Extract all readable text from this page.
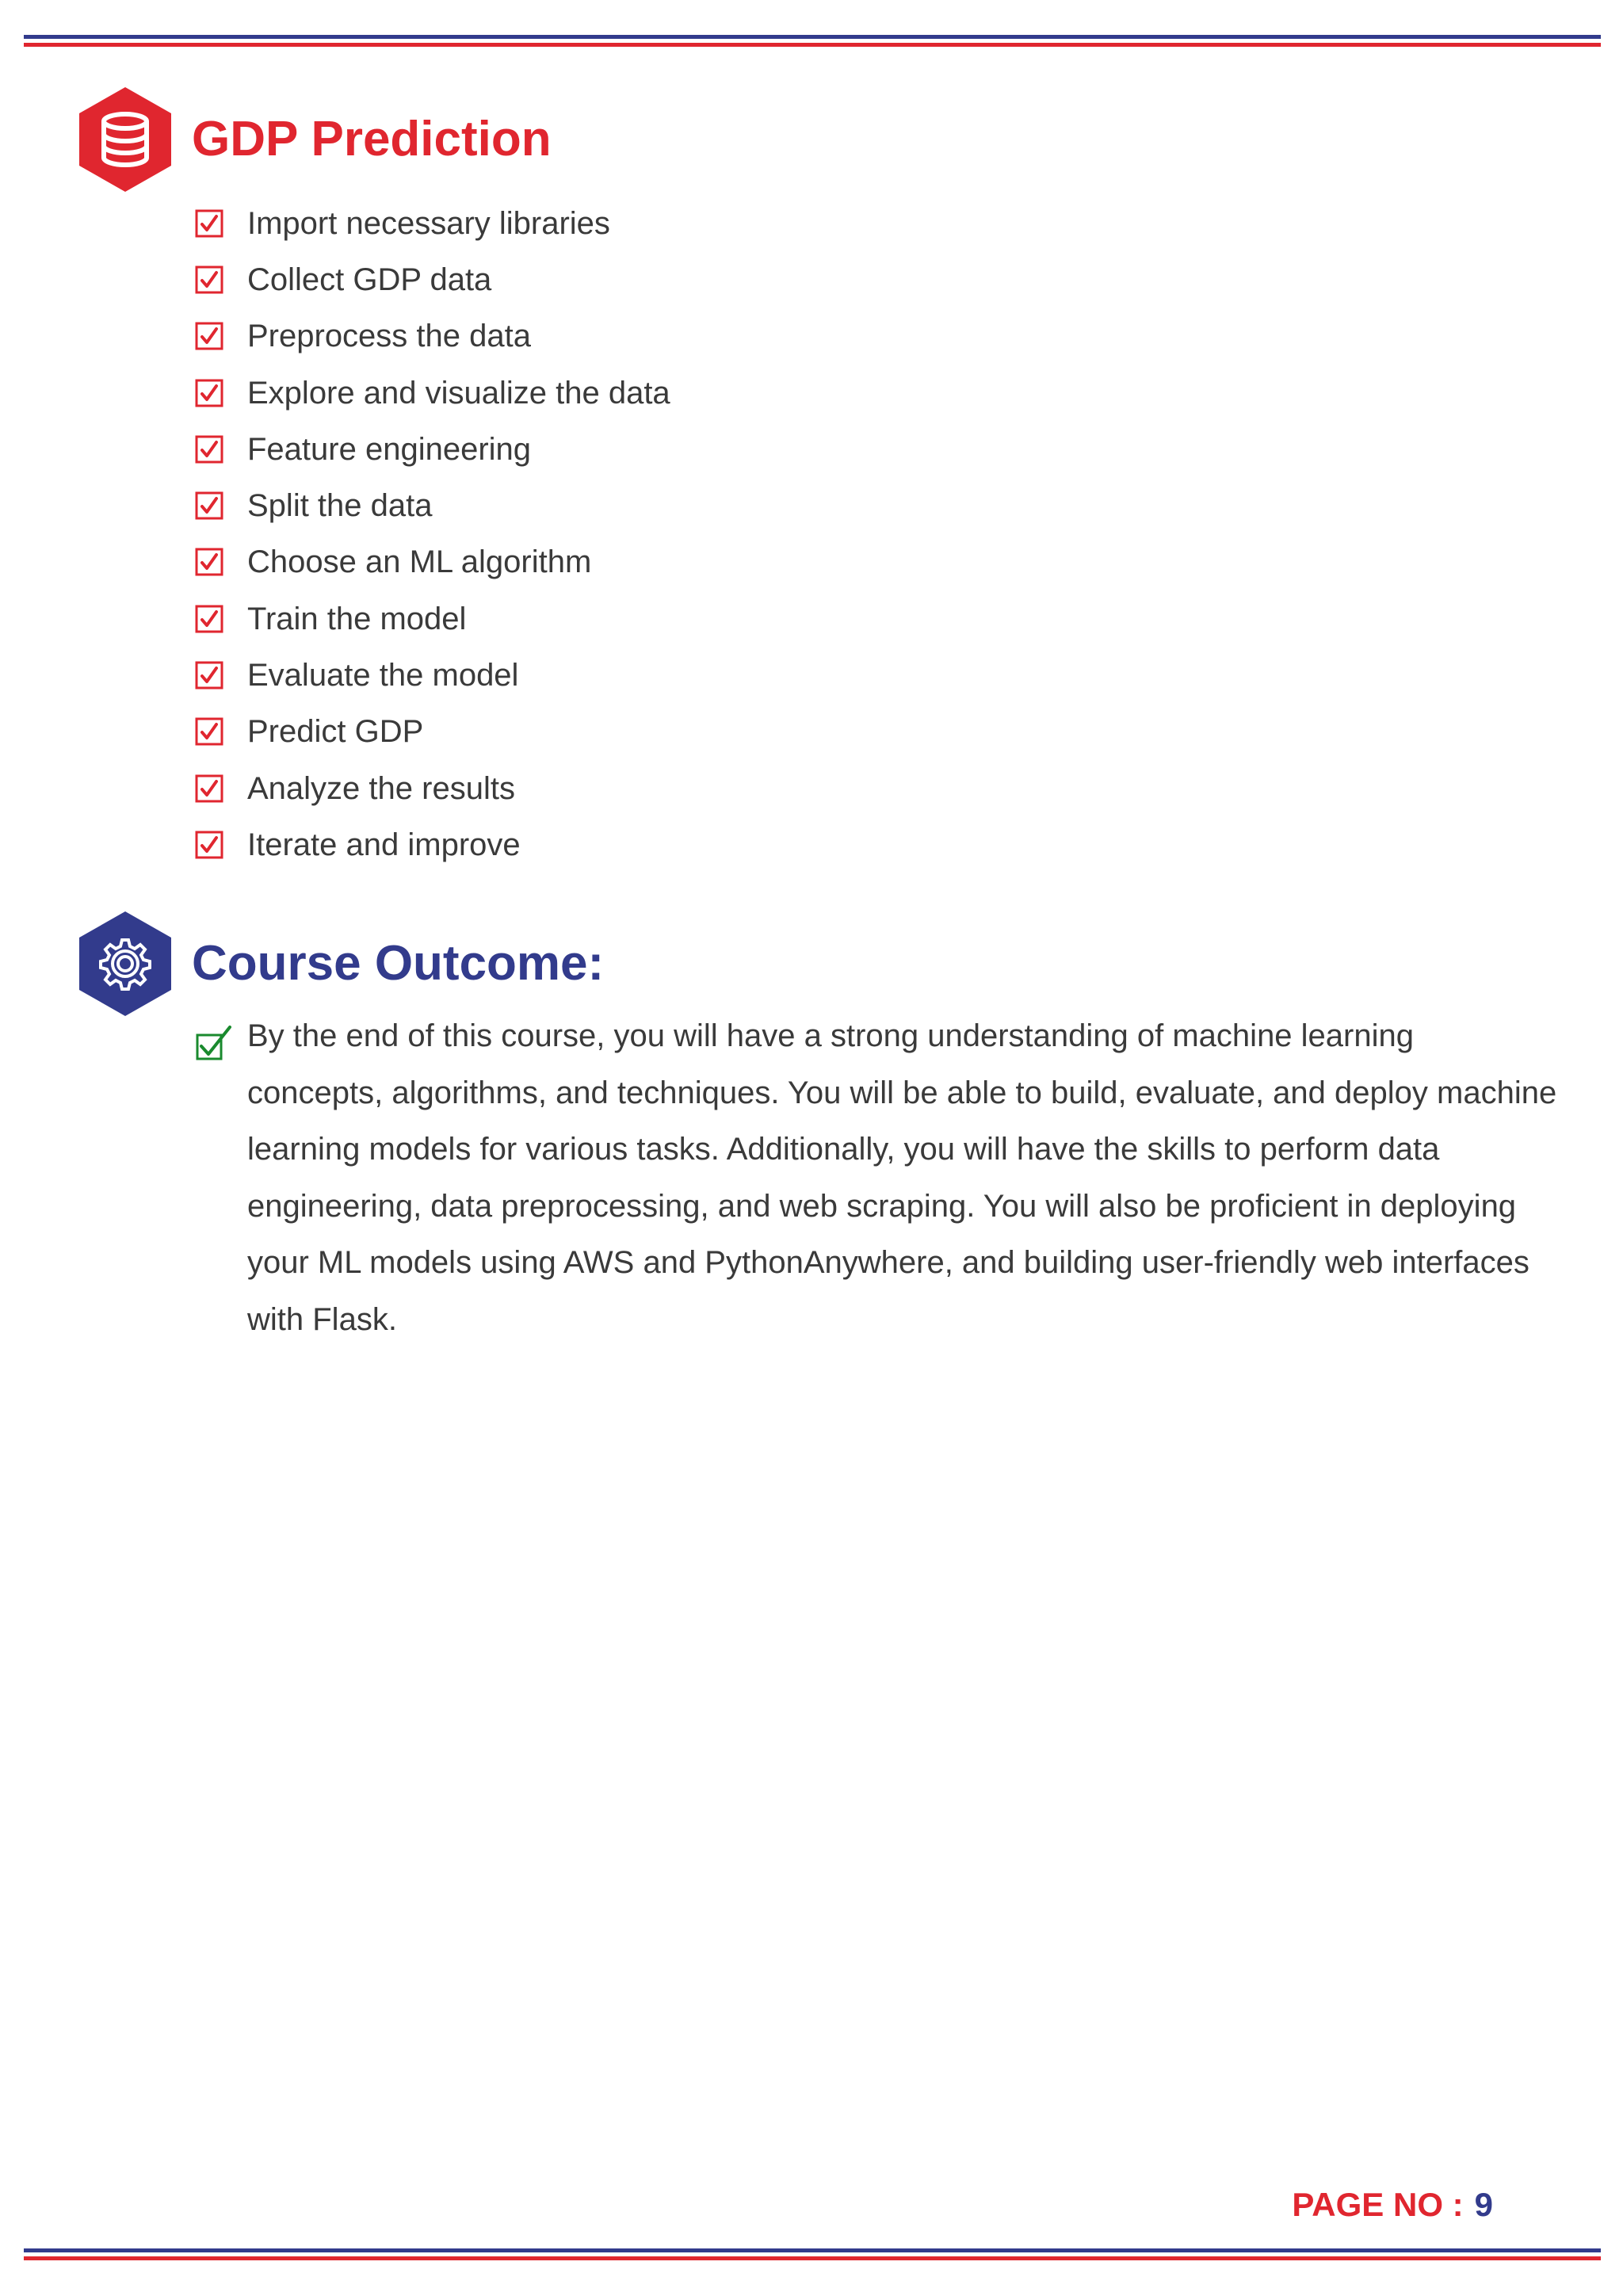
GDP Prediction
Import necessary libraries
Collect GDP data
Preprocess the data
Explore and visualize the data
Feature engineering
Split the data
Choose an ML algorithm
Train the model
Evaluate the model
Predict GDP
Analyze the results
Iterate and improve
Course Outcome:

By the end of this course, you will have a strong understanding of machine learning concepts, algorithms, and techniques. You will be able to build, evaluate, and deploy machine learning models for various tasks. Additionally, you will have the skills to perform data engineering, data preprocessing, and web scraping. You will also be proficient in deploying your ML models using AWS and PythonAnywhere, and building user-friendly web interfaces with Flask.

PAGE NO : 9
